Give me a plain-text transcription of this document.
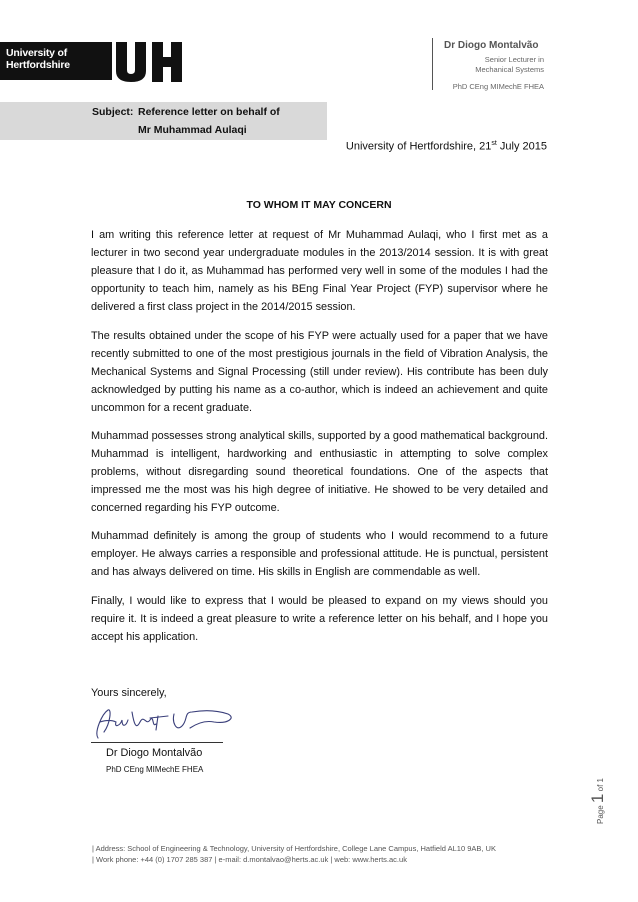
University of
Hertfordshire
Dr Diogo Montalvão
Senior Lecturer in
Mechanical Systems
PhD CEng MIMechE FHEA
Subject: Reference letter on behalf of
Mr Muhammad Aulaqi
University of Hertfordshire, 21st July 2015
TO WHOM IT MAY CONCERN

I am writing this reference letter at request of Mr Muhammad Aulaqi, who I first met as a lecturer in two second year undergraduate modules in the 2013/2014 session. It is with great pleasure that I do it, as Muhammad has performed very well in some of the modules I had the opportunity to teach him, namely as his BEng Final Year Project (FYP) supervisor where he delivered a first class project in the 2014/2015 session.

The results obtained under the scope of his FYP were actually used for a paper that we have recently submitted to one of the most prestigious journals in the field of Vibration Analysis, the Mechanical Systems and Signal Processing (still under review). His contribute has been duly acknowledged by putting his name as a co-author, which is indeed an achievement and quite uncommon for a recent graduate.

Muhammad possesses strong analytical skills, supported by a good mathematical background. Muhammad is intelligent, hardworking and enthusiastic in attempting to solve complex problems, without disregarding sound theoretical foundations. One of the aspects that impressed me the most was his high degree of initiative. He showed to be very detailed and concerned regarding his FYP outcome.

Muhammad definitely is among the group of students who I would recommend to a future employer. He always carries a responsible and professional attitude. He is punctual, persistent and has always delivered on time. His skills in English are commendable as well.

Finally, I would like to express that I would be pleased to expand on my views should you require it. It is indeed a great pleasure to write a reference letter on his behalf, and I hope you accept his application.

Yours sincerely,
Dr Diogo Montalvão
PhD CEng MIMechE FHEA
Page 1 of 1
| Address: School of Engineering & Technology, University of Hertfordshire, College Lane Campus, Hatfield AL10 9AB, UK
| Work phone: +44 (0) 1707 285 387 | e-mail: d.montalvao@herts.ac.uk | web: www.herts.ac.uk
